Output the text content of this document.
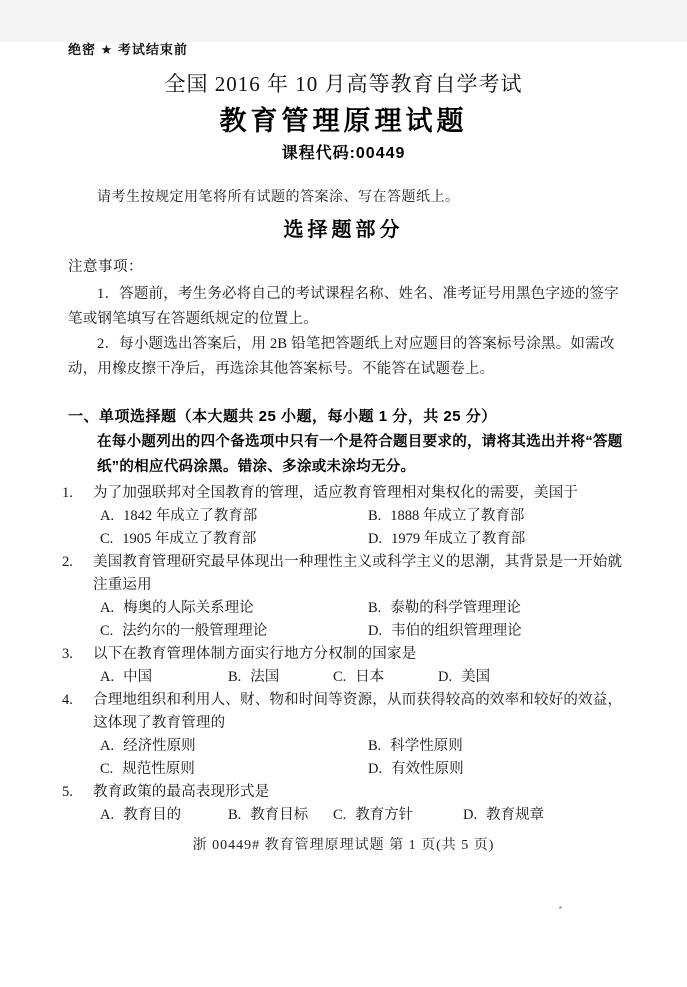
绝密 ★ 考试结束前
全国 2016 年 10 月高等教育自学考试
教育管理原理试题
课程代码:00449
请考生按规定用笔将所有试题的答案涂、写在答题纸上。
选择题部分
注意事项：
1．答题前，考生务必将自己的考试课程名称、姓名、准考证号用黑色字迹的签字笔或钢笔填写在答题纸规定的位置上。
2．每小题选出答案后，用 2B 铅笔把答题纸上对应题目的答案标号涂黑。如需改动，用橡皮擦干净后，再选涂其他答案标号。不能答在试题卷上。
一、单项选择题（本大题共 25 小题，每小题 1 分，共 25 分）
在每小题列出的四个备选项中只有一个是符合题目要求的，请将其选出并将“答题纸”的相应代码涂黑。错涂、多涂或未涂均无分。
1.	为了加强联邦对全国教育的管理，适应教育管理相对集权化的需要，美国于
A. 1842 年成立了教育部	B. 1888 年成立了教育部
C. 1905 年成立了教育部	D. 1979 年成立了教育部
2.	美国教育管理研究最早体现出一种理性主义或科学主义的思潮，其背景是一开始就注重运用
A. 梅奥的人际关系理论	B. 泰勒的科学管理理论
C. 法约尔的一般管理理论	D. 韦伯的组织管理理论
3.	以下在教育管理体制方面实行地方分权制的国家是
A. 中国	B. 法国	C. 日本	D. 美国
4.	合理地组织和利用人、财、物和时间等资源，从而获得较高的效率和较好的效益，这体现了教育管理的
A. 经济性原则	B. 科学性原则
C. 规范性原则	D. 有效性原则
5.	教育政策的最高表现形式是
A. 教育目的	B. 教育目标	C. 教育方针	D. 教育规章
浙 00449# 教育管理原理试题 第 1 页(共 5 页)
